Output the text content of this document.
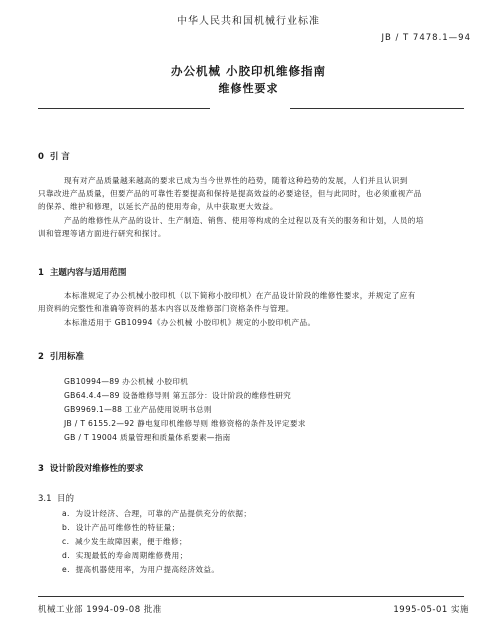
中华人民共和国机械行业标准
JB / T 7478.1—94
办公机械 小胶印机维修指南
维修性要求
0 引 言
现有对产品质量越来越高的要求已成为当今世界性的趋势，随着这种趋势的发展，人们并且认识到
只靠改进产品质量，但要产品的可靠性若要提高和保持是提高效益的必要途径，但与此同时，也必须重视产品
的保养、维护和修理，以延长产品的使用寿命，从中获取更大效益。
产品的维修性从产品的设计、生产制造、销售、使用等构成的全过程以及有关的服务和计划，人员的培
训和管理等诸方面进行研究和探讨。
1 主题内容与适用范围
本标准规定了办公机械小胶印机（以下简称小胶印机）在产品设计阶段的维修性要求，并规定了应有
用资料的完整性和准确等资料的基本内容以及维修部门资格条件与管理。
本标准适用于 GB10994《办公机械 小胶印机》规定的小胶印机产品。
2 引用标准
GB10994—89 办公机械 小胶印机
GB64.4.4—89 设备维修导则 第五部分：设计阶段的维修性研究
GB9969.1—88 工业产品使用说明书总则
JB / T 6155.2—92 静电复印机维修导则 维修资格的条件及评定要求
GB / T 19004 质量管理和质量体系要素—指南
3 设计阶段对维修性的要求
3.1 目的
a. 为设计经济、合理，可靠的产品提供充分的依据；
b. 设计产品可维修性的特征量；
c. 减少发生故障因素，便于维修；
d. 实现最低的寿命周期维修费用；
e. 提高机器使用率，为用户提高经济效益。
机械工业部 1994-09-08 批准	1995-05-01 实施
